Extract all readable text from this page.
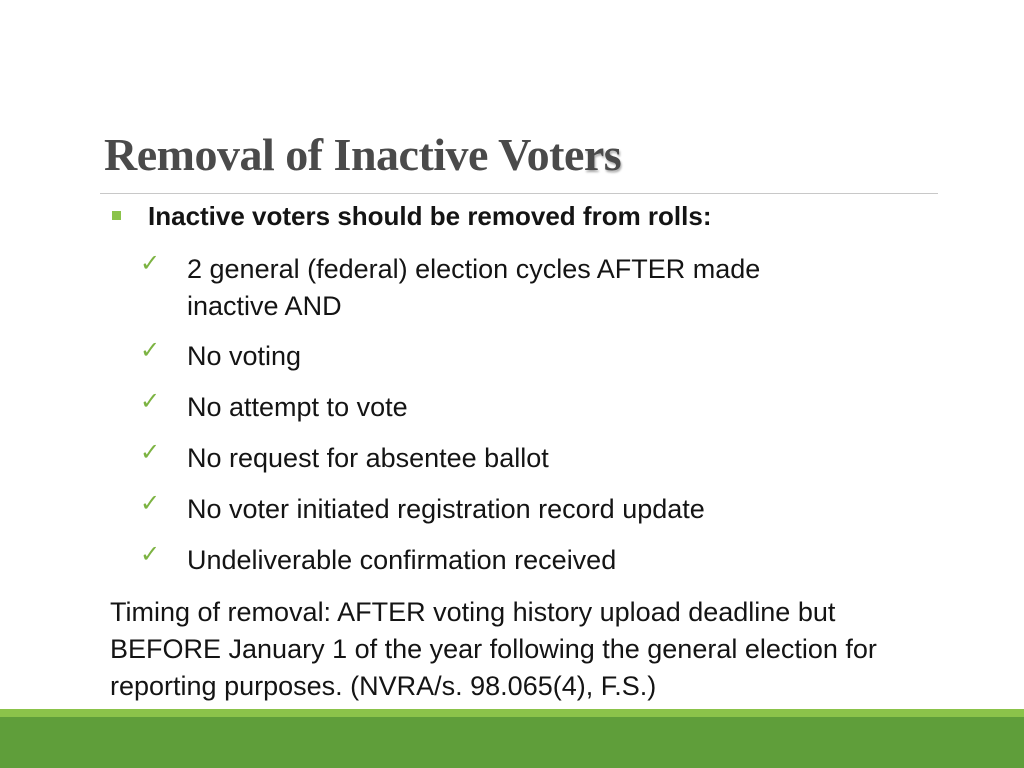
Removal of Inactive Voters
Inactive voters should be removed from rolls:
✓ 2 general (federal) election cycles AFTER made inactive AND
✓ No voting
✓ No attempt to vote
✓ No request for absentee ballot
✓ No voter initiated registration record update
✓ Undeliverable confirmation received
Timing of removal: AFTER voting history upload deadline but BEFORE January 1 of the year following the general election for reporting purposes. (NVRA/s. 98.065(4), F.S.)
